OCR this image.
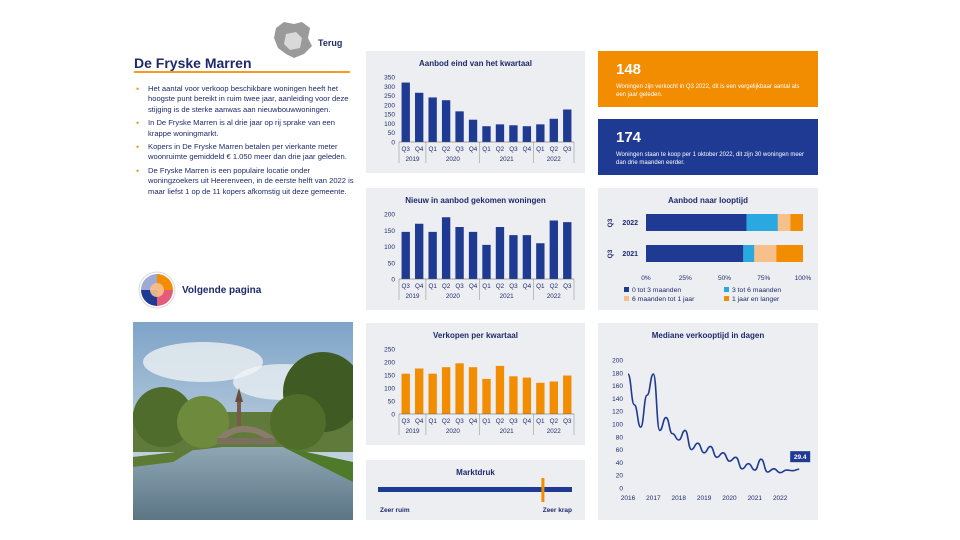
Terug
De Fryske Marren
• Het aantal voor verkoop beschikbare woningen heeft het hoogste punt bereikt in ruim twee jaar, aanleiding voor deze stijging is de sterke aanwas aan nieuwbouwwoningen.
• In De Fryske Marren is al drie jaar op rij sprake van een krappe woningmarkt.
• Kopers in De Fryske Marren betalen per vierkante meter woonruimte gemiddeld € 1.050 meer dan drie jaar geleden.
• De Fryske Marren is een populaire locatie onder woningzoekers uit Heerenveen, in de eerste helft van 2022 is maar liefst 1 op de 11 kopers afkomstig uit deze gemeente.
Volgende pagina
Aanbod eind van het kwartaal
0
50
100
150
200
250
300
350
Q3 Q4 Q1 Q2 Q3 Q4 Q1 Q2 Q3 Q4 Q1 Q2 Q3
2019	2020	2021	2022
Nieuw in aanbod gekomen woningen
0
50
100
150
200
Q3 Q4 Q1 Q2 Q3 Q4 Q1 Q2 Q3 Q4 Q1 Q2 Q3
2019	2020	2021	2022
Verkopen per kwartaal
0
50
100
150
200
250
Q3 Q4 Q1 Q2 Q3 Q4 Q1 Q2 Q3 Q4 Q1 Q2 Q3
2019	2020	2021	2022
Marktdruk
Zeer ruim	Zeer krap
148
Woningen zijn verkocht in Q3 2022, dit is een vergelijkbaar aantal als een jaar geleden.
174
Woningen staan te koop per 1 oktober 2022, dit zijn 30 woningen meer dan drie maanden eerder.
Aanbod naar looptijd
2022
Q3
2021
Q3
0%	25%	50%	75%	100%
0 tot 3 maanden	3 tot 6 maanden
6 maanden tot 1 jaar	1 jaar en langer
Mediane verkooptijd in dagen
0
20
40
60
80
100
120
140
160
180
200
2016 2017 2018 2019 2020 2021 2022
29.4
